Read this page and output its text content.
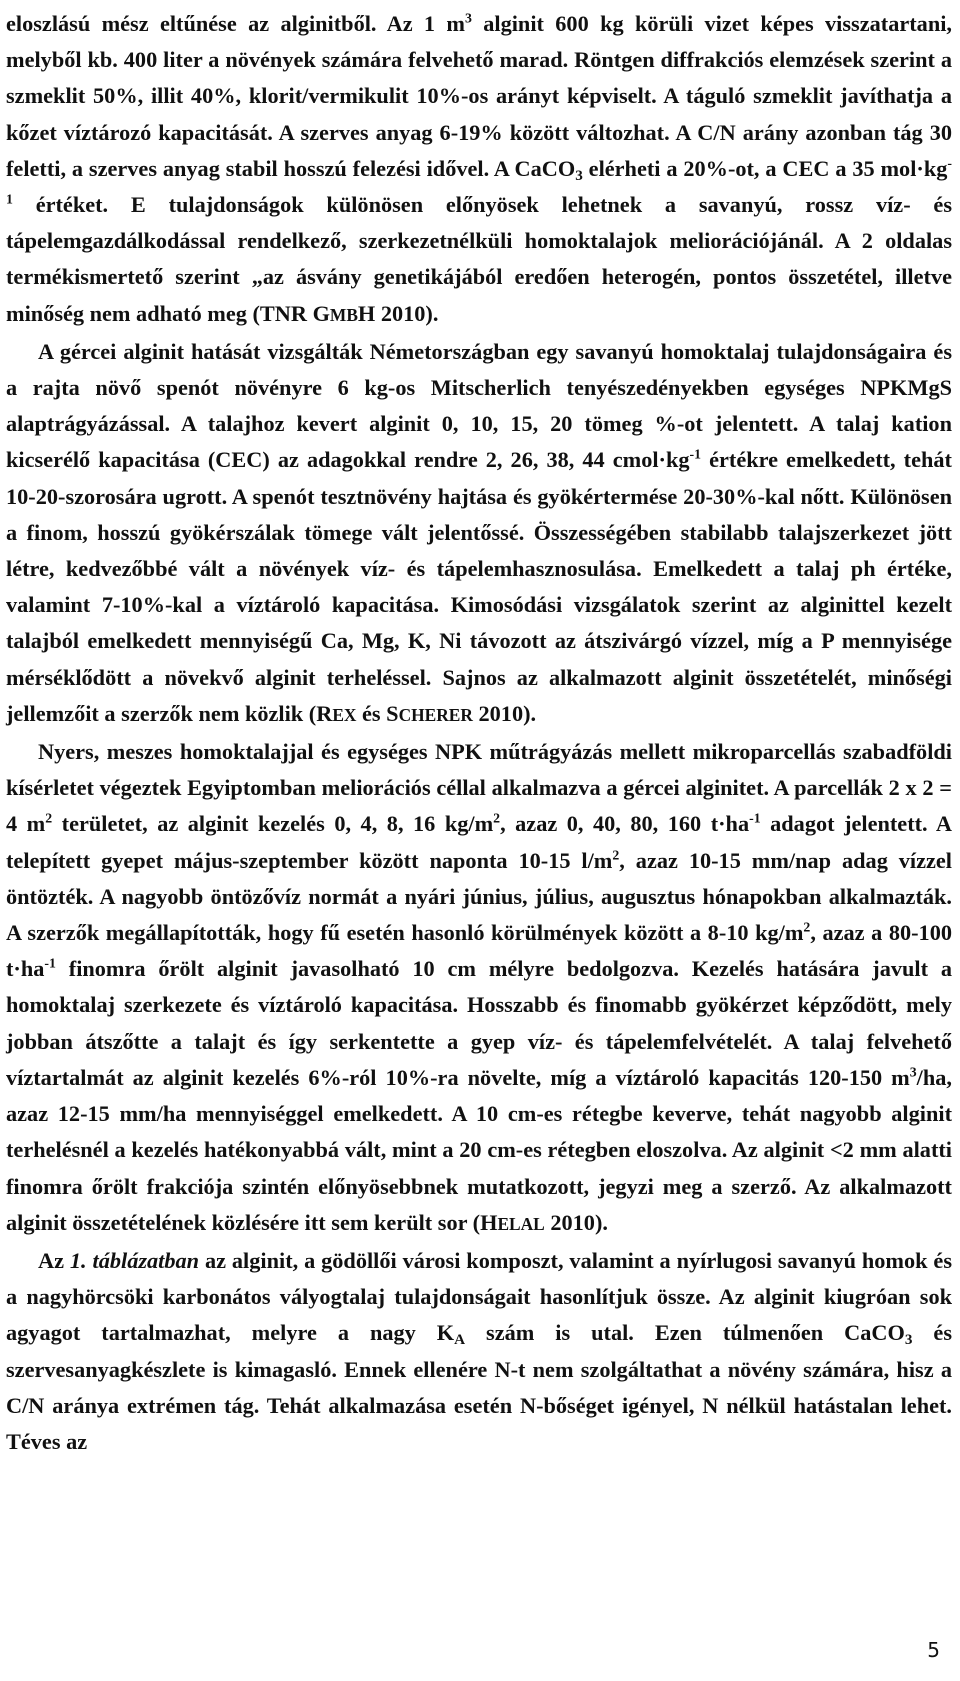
eloszlású mész eltűnése az alginitből. Az 1 $m^3$ alginit 600 kg körüli vizet képes visszatartani, melyből kb. 400 liter a növények számára felvehető marad. Röntgen diffrakciós elemzések szerint a szmeklit 50%, illit 40%, klorit/vermikulit 10%-os arányt képviselt. A táguló szmeklit javíthatja a kőzet víztározó kapacitását. A szerves anyag 6-19% között változhat. A C/N arány azonban tág 30 feletti, a szerves anyag stabil hosszú felezési idővel. A CaCO$_3$ elérheti a 20%-ot, a CEC a 35 $mol\cdot kg^{-1}$ értéket. E tulajdonságok különösen előnyösek lehetnek a savanyú, rossz víz- és tápelemgazdálkodással rendelkező, szerkezetnélküli homoktalajok meliorációjánál. A 2 oldalas termékismertető szerint „az ásvány genetikájából eredően heterogén, pontos összetétel, illetve minőség nem adható meg (TNR GMBH 2010).

A gércei alginit hatását vizsgálták Németországban egy savanyú homoktalaj tulajdonságaira és a rajta növő spenót növényre 6 kg-os Mitscherlich tenyészedényekben egységes NPKMgS alaptrágyázással. A talajhoz kevert alginit 0, 10, 15, 20 tömeg %-ot jelentett. A talaj kation kicserélő kapacitása (CEC) az adagokkal rendre 2, 26, 38, 44 $cmol\cdot kg^{-1}$ értékre emelkedett, tehát 10-20-szorosára ugrott. A spenót tesztnövény hajtása és gyökértermése 20-30%-kal nőtt. Különösen a finom, hosszú gyökérszálak tömege vált jelentőssé. Összességében stabilabb talajszerkezet jött létre, kedvezőbbé vált a növények víz- és tápelemhasznosulása. Emelkedett a talaj ph értéke, valamint 7-10%-kal a víztároló kapacitása. Kimosódási vizsgálatok szerint az alginittel kezelt talajból emelkedett mennyiségű Ca, Mg, K, Ni távozott az átszivárgó vízzel, míg a P mennyisége mérséklődött a növekvő alginit terheléssel. Sajnos az alkalmazott alginit összetételét, minőségi jellemzőit a szerzők nem közlik (REX és SCHERER 2010).

Nyers, meszes homoktalajjal és egységes NPK műtrágyázás mellett mikroparcellás szabadföldi kísérletet végeztek Egyiptomban meliorációs céllal alkalmazva a gércei alginitet. A parcellák 2 x 2 = 4 $m^2$ területet, az alginit kezelés 0, 4, 8, 16 $kg/m^2$, azaz 0, 40, 80, 160 $t\cdot ha^{-1}$ adagot jelentett. A telepített gyepet május-szeptember között naponta 10-15 $l/m^2$, azaz 10-15 mm/nap adag vízzel öntözték. A nagyobb öntözővíz normát a nyári június, július, augusztus hónapokban alkalmazták. A szerzők megállapították, hogy fű esetén hasonló körülmények között a 8-10 $kg/m^2$, azaz a 80-100 $t\cdot ha^{-1}$ finomra őrölt alginit javasolható 10 cm mélyre bedolgozva. Kezelés hatására javult a homoktalaj szerkezete és víztároló kapacitása. Hosszabb és finomabb gyökérzet képződött, mely jobban átszőtte a talajt és így serkentette a gyep víz- és tápelemfelvételét. A talaj felvehető víztartalmát az alginit kezelés 6%-ról 10%-ra növelte, míg a víztároló kapacitás 120-150 $m^3/ha$, azaz 12-15 mm/ha mennyiséggel emelkedett. A 10 cm-es rétegbe keverve, tehát nagyobb alginit terhelésnél a kezelés hatékonyabbá vált, mint a 20 cm-es rétegben eloszolva. Az alginit <2 mm alatti finomra őrölt frakciója szintén előnyösebbnek mutatkozott, jegyzi meg a szerző. Az alkalmazott alginit összetételének közlésére itt sem került sor (HELAL 2010).

Az 1. táblázatban az alginit, a gödöllői városi komposzt, valamint a nyírlugosi savanyú homok és a nagyhörcsöki karbonátos vályogtalaj tulajdonságait hasonlítjuk össze. Az alginit kiugróan sok agyagot tartalmazhat, melyre a nagy $K_A$ szám is utal. Ezen túlmenően CaCO$_3$ és szervesanyagkészlete is kimagasló. Ennek ellenére N-t nem szolgáltathat a növény számára, hisz a C/N aránya extrémen tág. Tehát alkalmazása esetén N-bőséget igényel, N nélkül hatástalan lehet. Téves az

5
